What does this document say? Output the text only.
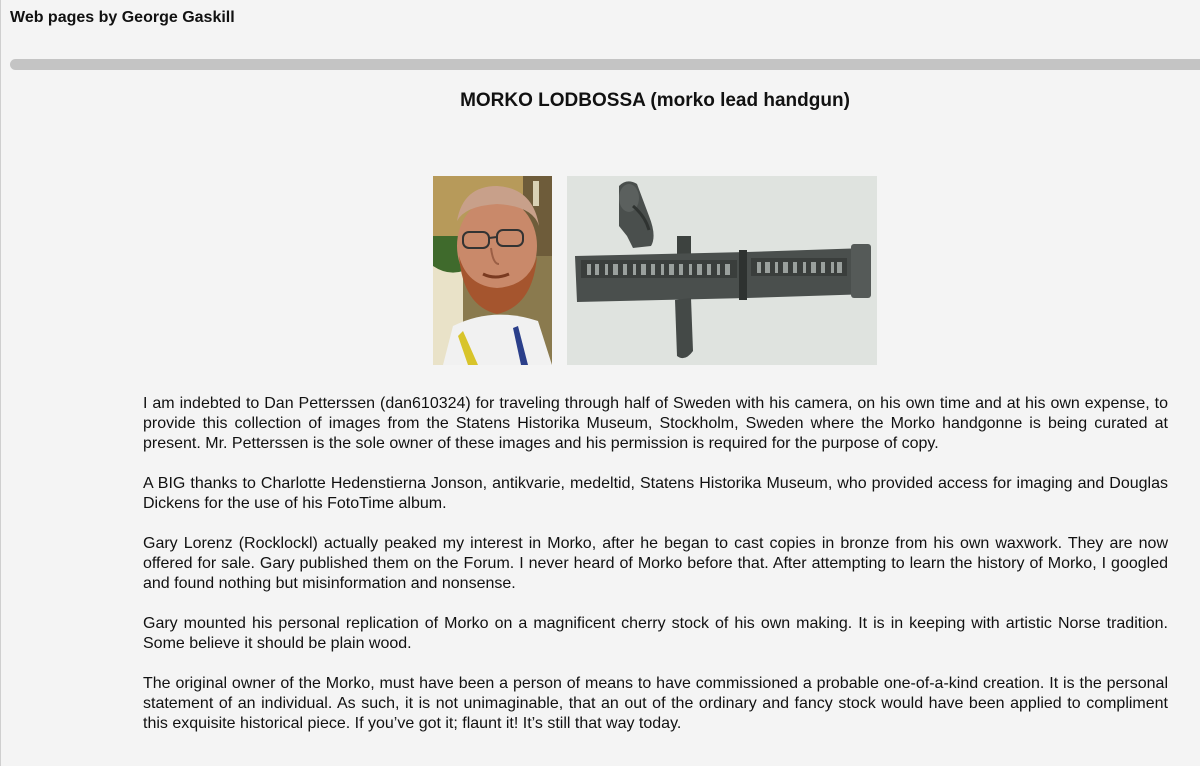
Web pages by George Gaskill
MORKO LODBOSSA (morko lead handgun)

I am indebted to Dan Petterssen (dan610324) for traveling through half of Sweden with his camera, on his own time and at his own expense, to provide this collection of images from the Statens Historika Museum, Stockholm, Sweden where the Morko handgonne is being curated at present. Mr. Petterssen is the sole owner of these images and his permission is required for the purpose of copy.

A BIG thanks to Charlotte Hedenstierna Jonson, antikvarie, medeltid, Statens Historika Museum, who provided access for imaging and Douglas Dickens for the use of his FotoTime album.

Gary Lorenz (Rocklockl) actually peaked my interest in Morko, after he began to cast copies in bronze from his own waxwork. They are now offered for sale. Gary published them on the Forum. I never heard of Morko before that. After attempting to learn the history of Morko, I googled and found nothing but misinformation and nonsense.

Gary mounted his personal replication of Morko on a magnificent cherry stock of his own making. It is in keeping with artistic Norse tradition. Some believe it should be plain wood.

The original owner of the Morko, must have been a person of means to have commissioned a probable one-of-a-kind creation. It is the personal statement of an individual. As such, it is not unimaginable, that an out of the ordinary and fancy stock would have been applied to compliment this exquisite historical piece. If you’ve got it; flaunt it! It’s still that way today.
